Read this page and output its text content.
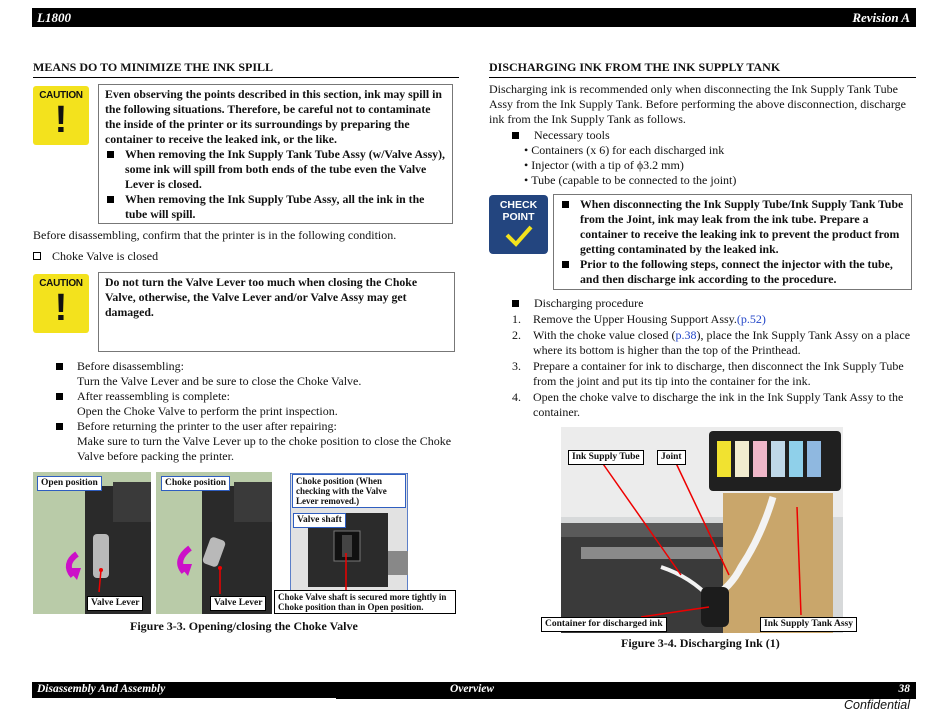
L1800	Revision A
Disassembly And Assembly	Overview	38
Confidential
MEANS DO TO MINIMIZE THE INK SPILL
CAUTION
!
Even observing the points described in this section, ink may spill in the following situations. Therefore, be careful not to contaminate the inside of the printer or its surroundings by preparing the container to receive the leaked ink, or the like.
When removing the Ink Supply Tank Tube Assy (w/Valve Assy), some ink will spill from both ends of the tube even the Valve Lever is closed.
When removing the Ink Supply Tube Assy, all the ink in the tube will spill.
Before disassembling, confirm that the printer is in the following condition.
Choke Valve is closed
CAUTION
!
Do not turn the Valve Lever too much when closing the Choke Valve, otherwise, the Valve Lever and/or Valve Assy may get damaged.
Before disassembling:
Turn the Valve Lever and be sure to close the Choke Valve.
After reassembling is complete:
Open the Choke Valve to perform the print inspection.
Before returning the printer to the user after repairing:
Make sure to turn the Valve Lever up to the choke position to close the Choke Valve before packing the printer.
Open position
Valve Lever
Choke position
Valve Lever
Choke position (When checking with the Valve Lever removed.)
Valve shaft
Choke Valve shaft is secured more tightly in Choke position than in Open position.
Figure 3-3. Opening/closing the Choke Valve
DISCHARGING INK FROM THE INK SUPPLY TANK
Discharging ink is recommended only when disconnecting the Ink Supply Tank Tube Assy from the Ink Supply Tank. Before performing the above disconnection, discharge ink from the Ink Supply Tank as follows.
Necessary tools
• Containers (x 6) for each discharged ink
• Injector (with a tip of ϕ3.2 mm)
• Tube (capable to be connected to the joint)
CHECK POINT
When disconnecting the Ink Supply Tube/Ink Supply Tank Tube from the Joint, ink may leak from the ink tube. Prepare a container to receive the leaking ink to prevent the product from getting contaminated by the leaked ink.
Prior to the following steps, connect the injector with the tube, and then discharge ink according to the procedure.
Discharging procedure
1. Remove the Upper Housing Support Assy.(p.52)
2. With the choke value closed (p.38), place the Ink Supply Tank Assy on a place where its bottom is higher than the top of the Printhead.
3. Prepare a container for ink to discharge, then disconnect the Ink Supply Tube from the joint and put its tip into the container for the ink.
4. Open the choke valve to discharge the ink in the Ink Supply Tank Assy to the container.
Ink Supply Tube	Joint
Container for discharged ink	Ink Supply Tank Assy
Figure 3-4. Discharging Ink (1)
